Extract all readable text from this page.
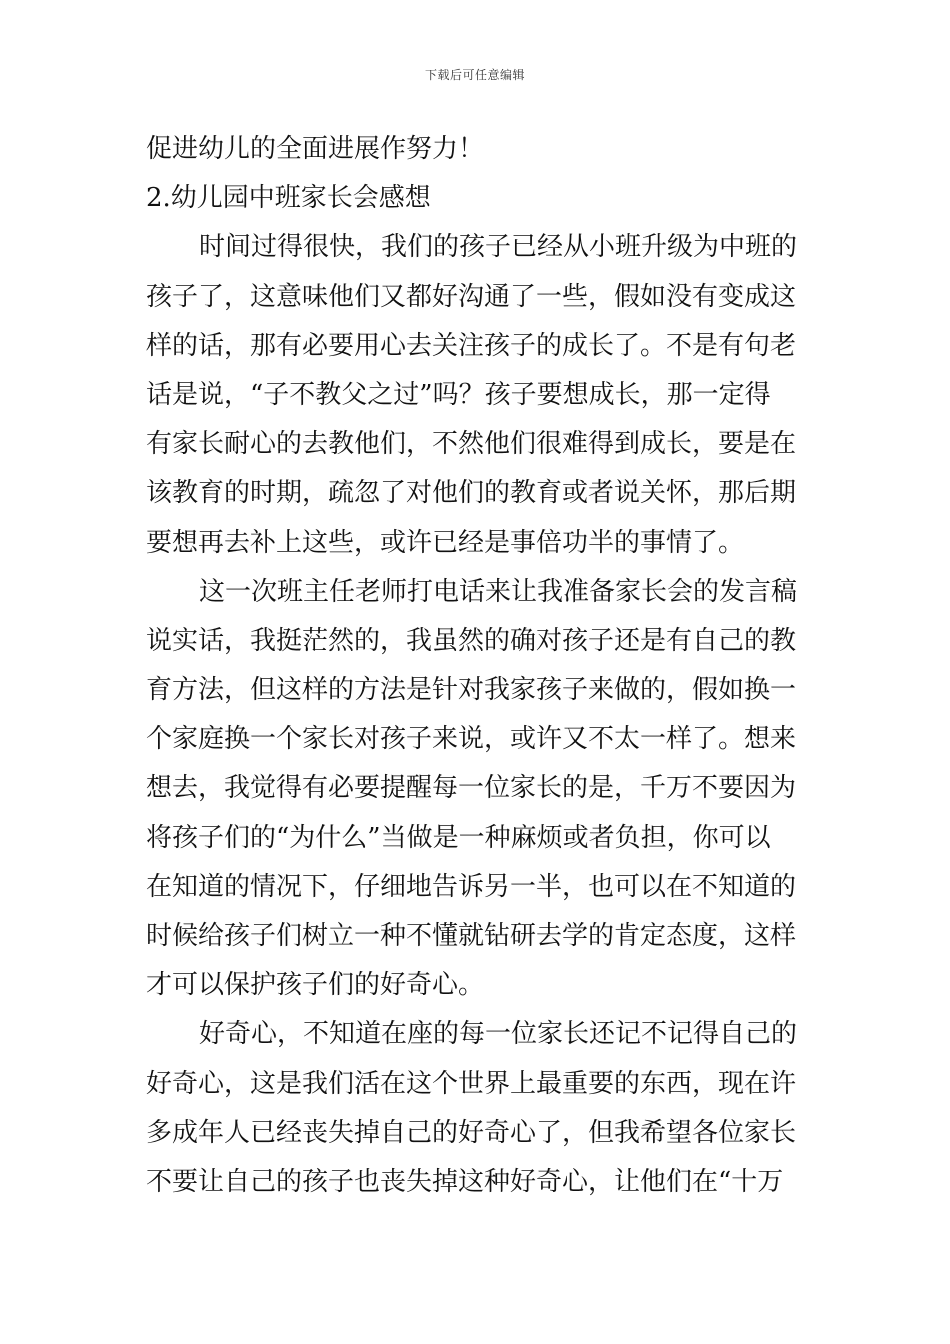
下载后可任意编辑
促进幼儿的全面进展作努力！
2.幼儿园中班家长会感想
时间过得很快，我们的孩子已经从小班升级为中班的
孩子了，这意味他们又都好沟通了一些，假如没有变成这
样的话，那有必要用心去关注孩子的成长了。不是有句老
话是说，“子不教父之过”吗？孩子要想成长，那一定得
有家长耐心的去教他们，不然他们很难得到成长，要是在
该教育的时期，疏忽了对他们的教育或者说关怀，那后期
要想再去补上这些，或许已经是事倍功半的事情了。
这一次班主任老师打电话来让我准备家长会的发言稿
说实话，我挺茫然的，我虽然的确对孩子还是有自己的教
育方法，但这样的方法是针对我家孩子来做的，假如换一
个家庭换一个家长对孩子来说，或许又不太一样了。想来
想去，我觉得有必要提醒每一位家长的是，千万不要因为
将孩子们的“为什么”当做是一种麻烦或者负担，你可以
在知道的情况下，仔细地告诉另一半，也可以在不知道的
时候给孩子们树立一种不懂就钻研去学的肯定态度，这样
才可以保护孩子们的好奇心。
好奇心，不知道在座的每一位家长还记不记得自己的
好奇心，这是我们活在这个世界上最重要的东西，现在许
多成年人已经丧失掉自己的好奇心了，但我希望各位家长
不要让自己的孩子也丧失掉这种好奇心，让他们在“十万
